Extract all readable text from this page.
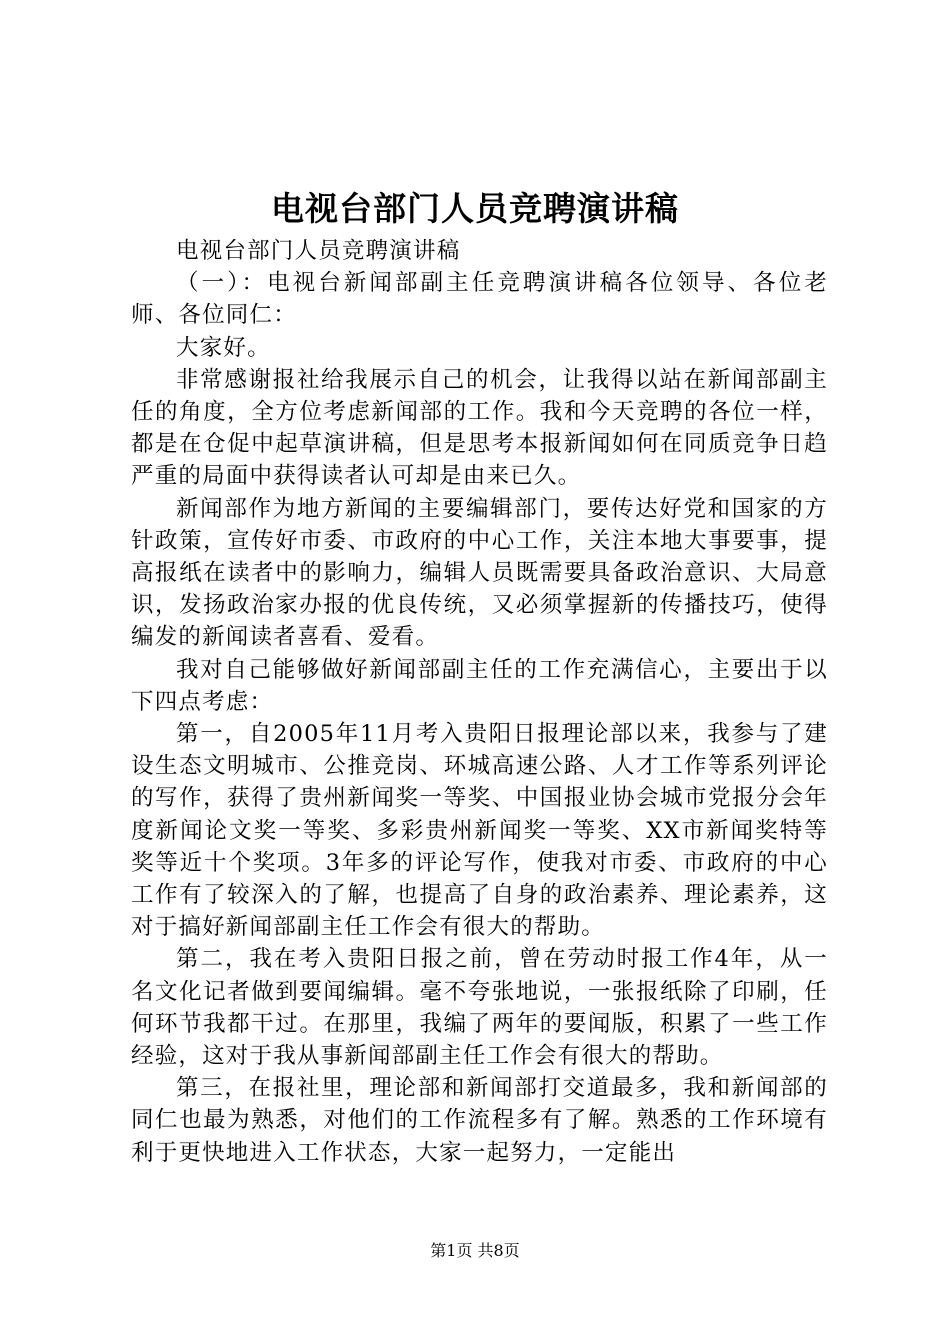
电视台部门人员竞聘演讲稿

电视台部门人员竞聘演讲稿

（一）：电视台新闻部副主任竞聘演讲稿各位领导、各位老师、各位同仁：

大家好。

非常感谢报社给我展示自己的机会，让我得以站在新闻部副主任的角度，全方位考虑新闻部的工作。我和今天竞聘的各位一样，都是在仓促中起草演讲稿，但是思考本报新闻如何在同质竞争日趋严重的局面中获得读者认可却是由来已久。

新闻部作为地方新闻的主要编辑部门，要传达好党和国家的方针政策，宣传好市委、市政府的中心工作，关注本地大事要事，提高报纸在读者中的影响力，编辑人员既需要具备政治意识、大局意识，发扬政治家办报的优良传统，又必须掌握新的传播技巧，使得编发的新闻读者喜看、爱看。

我对自己能够做好新闻部副主任的工作充满信心，主要出于以下四点考虑：

第一，自2005年11月考入贵阳日报理论部以来，我参与了建设生态文明城市、公推竞岗、环城高速公路、人才工作等系列评论的写作，获得了贵州新闻奖一等奖、中国报业协会城市党报分会年度新闻论文奖一等奖、多彩贵州新闻奖一等奖、XX市新闻奖特等奖等近十个奖项。3年多的评论写作，使我对市委、市政府的中心工作有了较深入的了解，也提高了自身的政治素养、理论素养，这对于搞好新闻部副主任工作会有很大的帮助。

第二，我在考入贵阳日报之前，曾在劳动时报工作4年，从一名文化记者做到要闻编辑。毫不夸张地说，一张报纸除了印刷，任何环节我都干过。在那里，我编了两年的要闻版，积累了一些工作经验，这对于我从事新闻部副主任工作会有很大的帮助。

第三，在报社里，理论部和新闻部打交道最多，我和新闻部的同仁也最为熟悉，对他们的工作流程多有了解。熟悉的工作环境有利于更快地进入工作状态，大家一起努力，一定能出

第1页 共8页
